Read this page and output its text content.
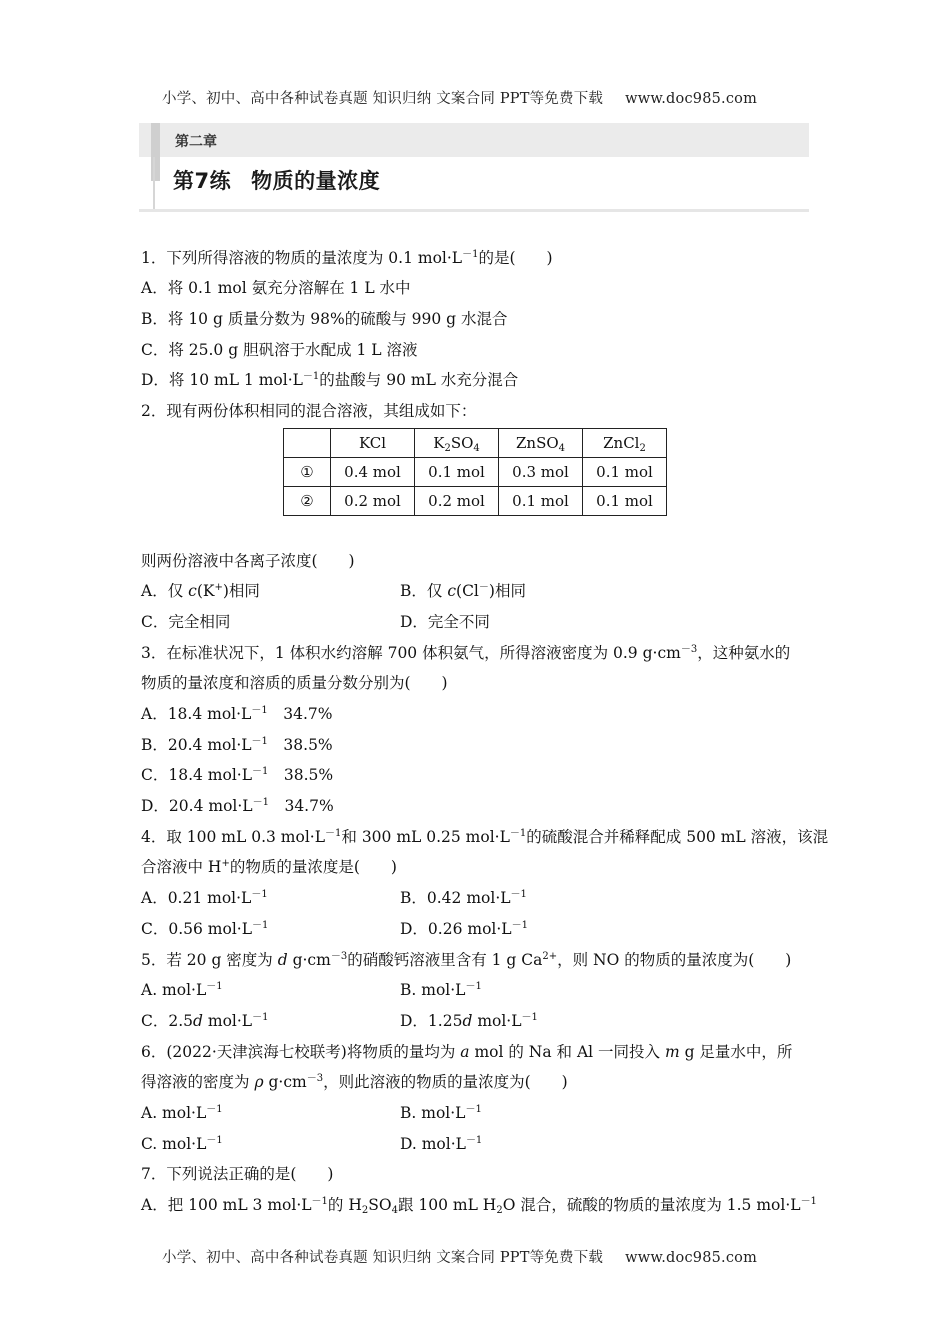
小学、初中、高中各种试卷真题 知识归纳 文案合同 PPT等免费下载 www.doc985.com
第二章
第7练 物质的量浓度
1．下列所得溶液的物质的量浓度为 0.1 $mol\cdot L^{-1}$的是(　　)
A．将 0.1 mol 氨充分溶解在 1 L 水中
B．将 10 g 质量分数为 98%的硫酸与 990 g 水混合
C．将 25.0 g 胆矾溶于水配成 1 L 溶液
D．将 10 mL 1 $mol\cdot L^{-1}$的盐酸与 90 mL 水充分混合
2．现有两份体积相同的混合溶液，其组成如下：
	KCl	$K_2SO_4$	ZnSO$_4$	ZnCl$_2$
①	0.4 mol	0.1 mol	0.3 mol	0.1 mol
②	0.2 mol	0.2 mol	0.1 mol	0.1 mol
则两份溶液中各离子浓度(　　)
A．仅 c(K+)相同	B．仅 c(Cl－)相同
C．完全相同	D．完全不同
3．在标准状况下，1 体积水约溶解 700 体积氨气，所得溶液密度为 0.9 $g\cdot cm^{-3}$，这种氨水的
物质的量浓度和溶质的质量分数分别为(　　)
A．18.4 $mol\cdot L^{-1}$　34.7%
B．20.4 $mol\cdot L^{-1}$　38.5%
C．18.4 $mol\cdot L^{-1}$　38.5%
D．20.4 $mol\cdot L^{-1}$　34.7%
4．取 100 mL 0.3 $mol\cdot L^{-1}$和 300 mL 0.25 $mol\cdot L^{-1}$的硫酸混合并稀释配成 500 mL 溶液，该混
合溶液中 H+的物质的量浓度是(　　)
A．0.21 $mol\cdot L^{-1}$	B．0.42 $mol\cdot L^{-1}$
C．0.56 $mol\cdot L^{-1}$	D．0.26 $mol\cdot L^{-1}$
5．若 20 g 密度为 d $g\cdot cm^{-3}$的硝酸钙溶液里含有 1 g $Ca^{2+}$，则 NO 的物质的量浓度为(　　)
A. $mol\cdot L^{-1}$	B. $mol\cdot L^{-1}$
C．2.5d $mol\cdot L^{-1}$	D．1.25d $mol\cdot L^{-1}$
6．(2022·天津滨海七校联考)将物质的量均为 a mol 的 Na 和 Al 一同投入 m g 足量水中，所
得溶液的密度为 ρ $g\cdot cm^{-3}$，则此溶液的物质的量浓度为(　　)
A. $mol\cdot L^{-1}$	B. $mol\cdot L^{-1}$
C. $mol\cdot L^{-1}$	D. $mol\cdot L^{-1}$
7．下列说法正确的是(　　)
A．把 100 mL 3 $mol\cdot L^{-1}$的 $H_2SO_4$跟 100 mL $H_2O$ 混合，硫酸的物质的量浓度为 1.5 $mol\cdot L^{-1}$
小学、初中、高中各种试卷真题 知识归纳 文案合同 PPT等免费下载 www.doc985.com
